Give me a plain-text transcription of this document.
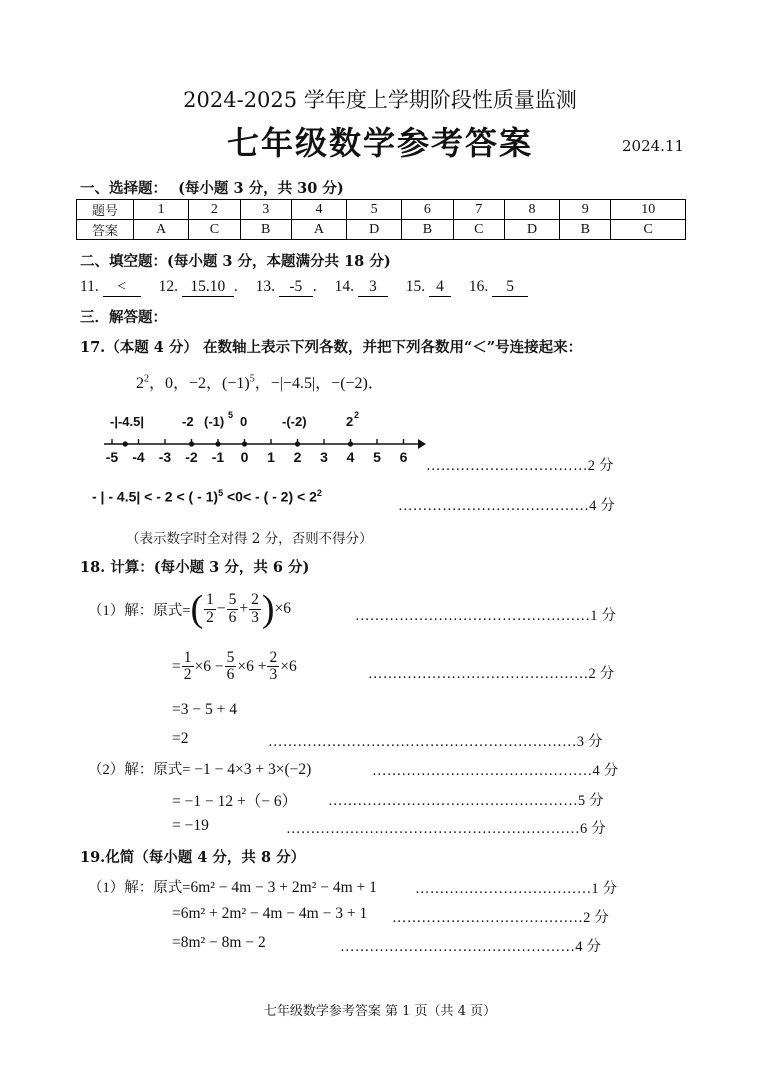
2024-2025 学年度上学期阶段性质量监测
七年级数学参考答案	2024.11
一、选择题： (每小题 3 分，共 30 分)
题号	1	2	3	4	5	6	7	8	9	10
答案	A	C	B	A	D	B	C	D	B	C
二、填空题：(每小题 3 分，本题满分共 18 分)
11. < 12. 15.10 . 13. -5 . 14. 3 15. 4 16. 5
三．解答题：
17.（本题 4 分） 在数轴上表示下列各数，并把下列各数用“＜”号连接起来：
$2^2$，0，−2，$(-1)^5$，−|−4.5|，−(−2)．
-|-4.5|	-2 (-1) 5 0	-(-2)	2 2
-5 -4 -3 -2 -1 0 1 2 3 4 5 6
……………………………2 分
- | - 4.5| < - 2 < ( - 1)$^5$ <0< - ( - $2) < 2^2$
…………………………………4 分
（表示数字时全对得 2 分，否则不得分）
18. 计算：(每小题 3 分，共 6 分)
（1）解：原式= ( $\frac{1}{2} - \frac{5}{6} + \frac{2}{3}$ ) ×6	…………………………………………1 分
= $\frac{1}{2} \times 6 - \frac{5}{6} \times 6 + \frac{2}{3} \times 6$	………………………………………2 分
=3 − 5 + 4
=2	………………………………………………………3 分
（2）解：原式= −1 − 4×3 + 3×(−2)	………………………………………4 分
= −1 − 12 +（− 6） ……………………………………………5 分
= −19	……………………………………………………6 分
19.化简（每小题 4 分，共 8 分）
（1）解：原式=6m² − 4m − 3 + 2m² − 4m + 1	………………………………1 分
=6m² + 2m² − 4m − 4m − 3 + 1 …………………………………2 分
=8m² − 8m − 2	…………………………………………4 分
七年级数学参考答案 第 1 页（共 4 页）
